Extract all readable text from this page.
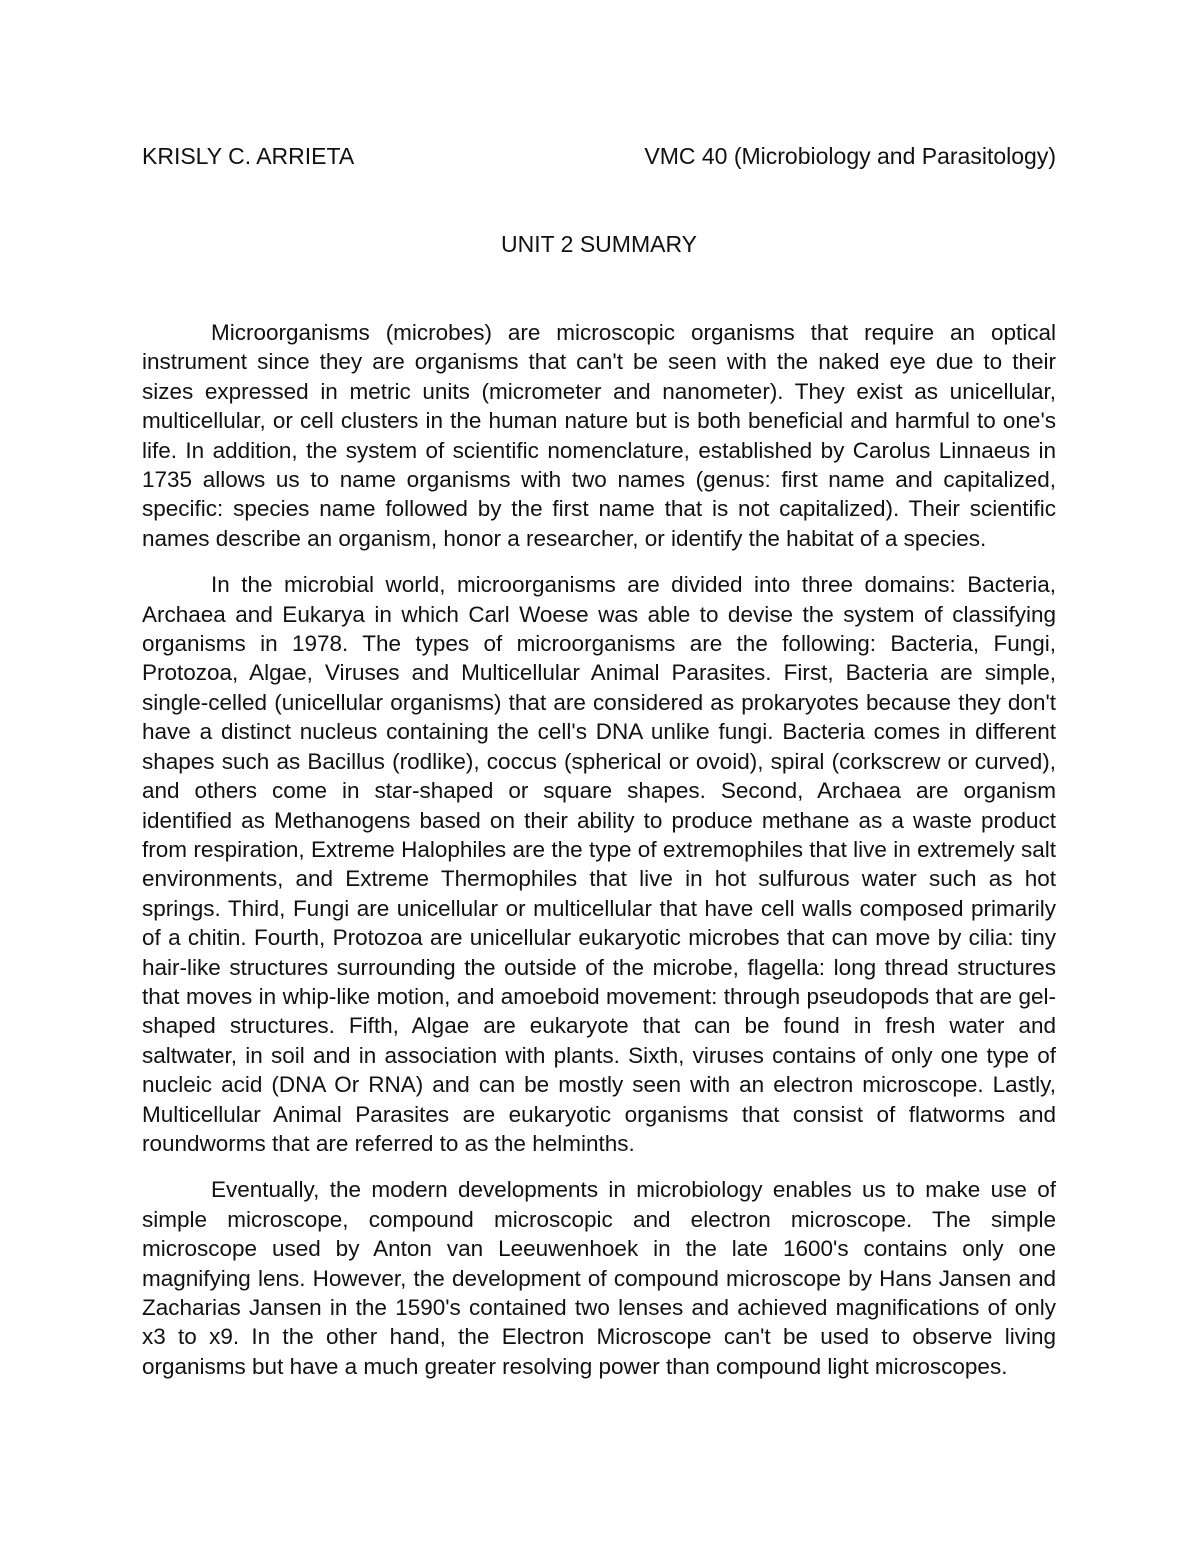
KRISLY C. ARRIETA	VMC 40 (Microbiology and Parasitology)
UNIT 2 SUMMARY

Microorganisms (microbes) are microscopic organisms that require an optical instrument since they are organisms that can't be seen with the naked eye due to their sizes expressed in metric units (micrometer and nanometer). They exist as unicellular, multicellular, or cell clusters in the human nature but is both beneficial and harmful to one's life. In addition, the system of scientific nomenclature, established by Carolus Linnaeus in 1735 allows us to name organisms with two names (genus: first name and capitalized, specific: species name followed by the first name that is not capitalized). Their scientific names describe an organism, honor a researcher, or identify the habitat of a species.

In the microbial world, microorganisms are divided into three domains: Bacteria, Archaea and Eukarya in which Carl Woese was able to devise the system of classifying organisms in 1978. The types of microorganisms are the following: Bacteria, Fungi, Protozoa, Algae, Viruses and Multicellular Animal Parasites. First, Bacteria are simple, single-celled (unicellular organisms) that are considered as prokaryotes because they don't have a distinct nucleus containing the cell's DNA unlike fungi. Bacteria comes in different shapes such as Bacillus (rodlike), coccus (spherical or ovoid), spiral (corkscrew or curved), and others come in star-shaped or square shapes. Second, Archaea are organism identified as Methanogens based on their ability to produce methane as a waste product from respiration, Extreme Halophiles are the type of extremophiles that live in extremely salt environments, and Extreme Thermophiles that live in hot sulfurous water such as hot springs. Third, Fungi are unicellular or multicellular that have cell walls composed primarily of a chitin. Fourth, Protozoa are unicellular eukaryotic microbes that can move by cilia: tiny hair-like structures surrounding the outside of the microbe, flagella: long thread structures that moves in whip-like motion, and amoeboid movement: through pseudopods that are gel-shaped structures. Fifth, Algae are eukaryote that can be found in fresh water and saltwater, in soil and in association with plants. Sixth, viruses contains of only one type of nucleic acid (DNA Or RNA) and can be mostly seen with an electron microscope. Lastly, Multicellular Animal Parasites are eukaryotic organisms that consist of flatworms and roundworms that are referred to as the helminths.

Eventually, the modern developments in microbiology enables us to make use of simple microscope, compound microscopic and electron microscope. The simple microscope used by Anton van Leeuwenhoek in the late 1600's contains only one magnifying lens. However, the development of compound microscope by Hans Jansen and Zacharias Jansen in the 1590's contained two lenses and achieved magnifications of only x3 to x9. In the other hand, the Electron Microscope can't be used to observe living organisms but have a much greater resolving power than compound light microscopes.
